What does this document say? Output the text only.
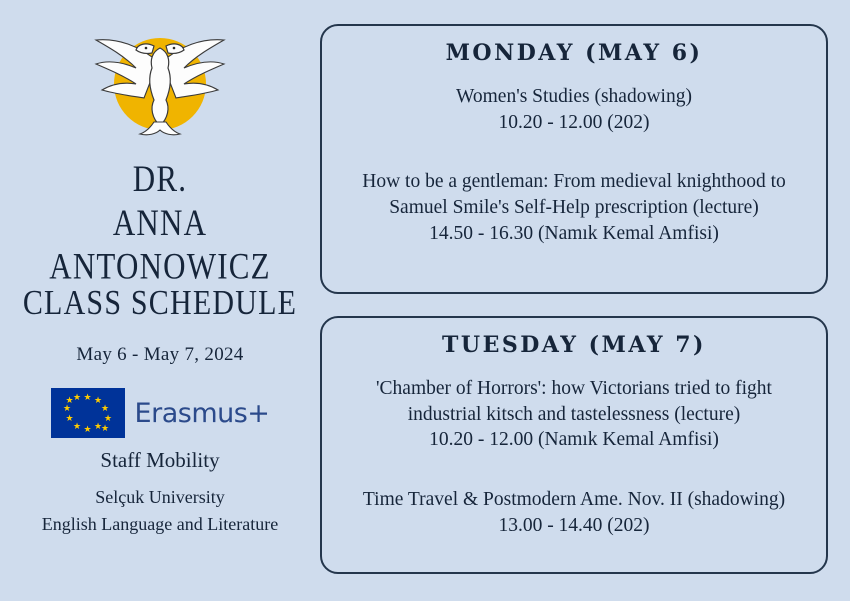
DR.
ANNA ANTONOWICZ
CLASS SCHEDULE
May 6 - May 7, 2024
★ ★
★
★
★
★
★
★
★
★
★ ★
Erasmus+
Staff Mobility
Selçuk University
English Language and Literature
MONDAY (MAY 6)
Women's Studies (shadowing)
10.20 - 12.00 (202)
How to be a gentleman: From medieval knighthood to Samuel Smile's Self-Help prescription (lecture)
14.50 - 16.30 (Namık Kemal Amfisi)
TUESDAY (MAY 7)
'Chamber of Horrors': how Victorians tried to fight industrial kitsch and tastelessness (lecture)
10.20 - 12.00 (Namık Kemal Amfisi)
Time Travel & Postmodern Ame. Nov. II (shadowing)
13.00 - 14.40 (202)
